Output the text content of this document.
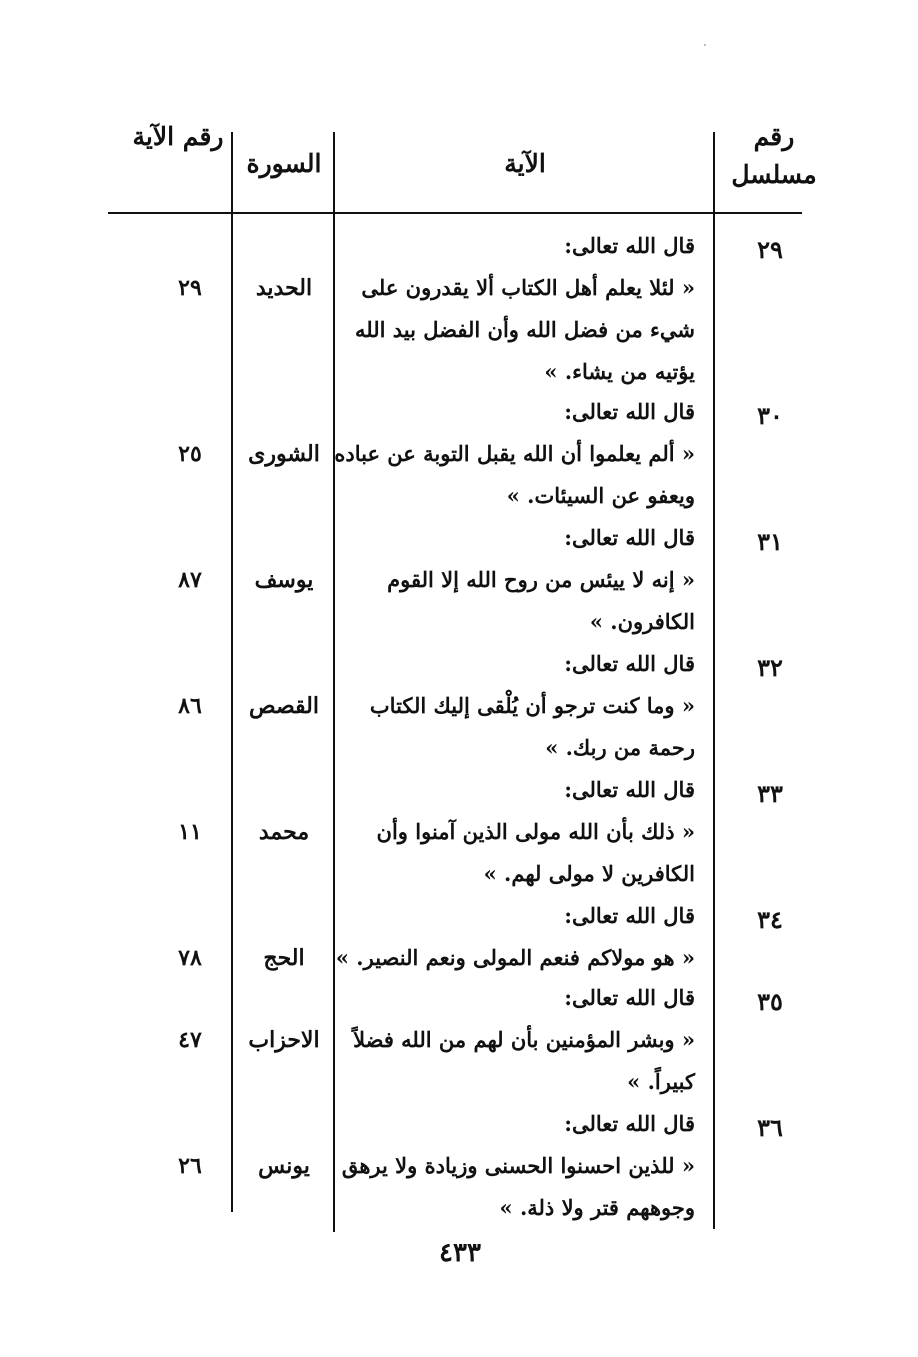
رقم مسلسل
الآية
السورة
رقم الآية
٢٩
قال الله تعالى:
« لئلا يعلم أهل الكتاب ألا يقدرون على
شيء من فضل الله وأن الفضل بيد الله
يؤتيه من يشاء. »
الحديد
٢٩
٣٠
قال الله تعالى:
« ألم يعلموا أن الله يقبل التوبة عن عباده
ويعفو عن السيئات. »
الشورى
٢٥
٣١
قال الله تعالى:
« إنه لا ييئس من روح الله إلا القوم
الكافرون. »
يوسف
٨٧
٣٢
قال الله تعالى:
« وما كنت ترجو أن يُلْقى إليك الكتاب
رحمة من ربك. »
القصص
٨٦
٣٣
قال الله تعالى:
« ذلك بأن الله مولى الذين آمنوا وأن
الكافرين لا مولى لهم. »
محمد
١١
٣٤
قال الله تعالى:
« هو مولاكم فنعم المولى ونعم النصير. »
الحج
٧٨
٣٥
قال الله تعالى:
« وبشر المؤمنين بأن لهم من الله فضلاً
كبيراً. »
الاحزاب
٤٧
٣٦
قال الله تعالى:
« للذين احسنوا الحسنى وزيادة ولا يرهق
وجوههم قتر ولا ذلة. »
يونس
٢٦
٤٣٣
